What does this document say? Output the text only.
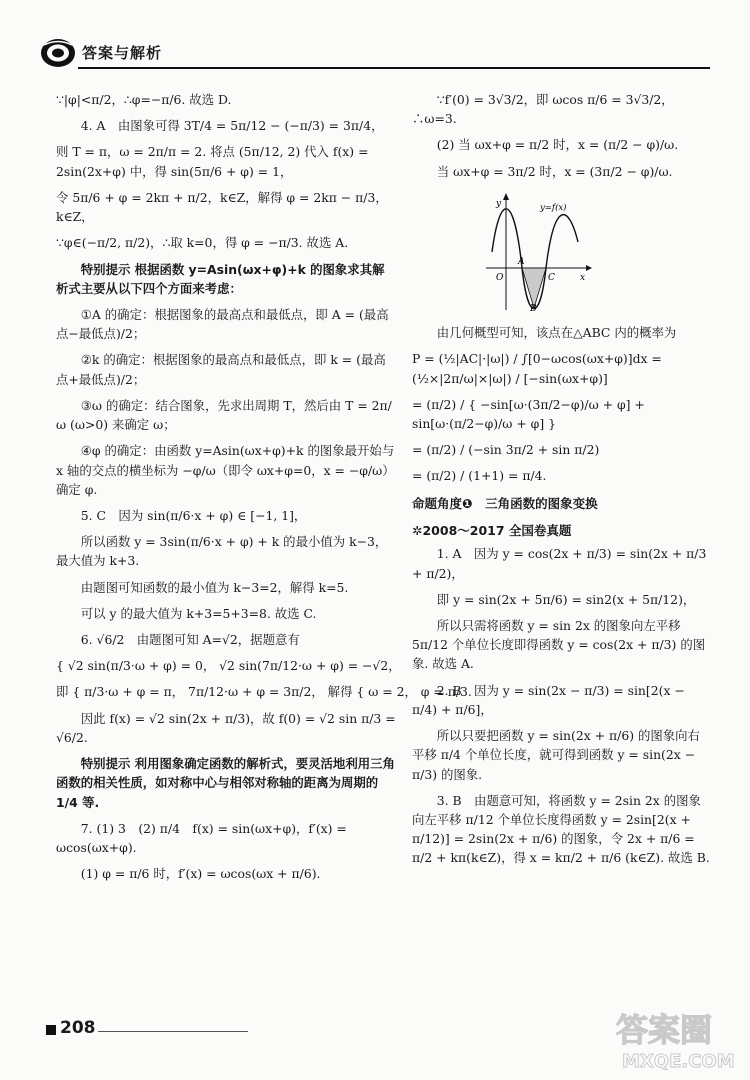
答案与解析

∵|φ|<π/2，∴φ=−π/6. 故选 D.

4. A　由图象可得 3T/4 = 5π/12 − (−π/3) = 3π/4，

则 T = π，ω = 2π/π = 2. 将点 (5π/12, 2) 代入 f(x) = 2sin(2x+φ) 中，得 sin(5π/6 + φ) = 1，

令 5π/6 + φ = 2kπ + π/2，k∈Z，解得 φ = 2kπ − π/3，k∈Z，

∵φ∈(−π/2, π/2)，∴取 k=0，得 φ = −π/3. 故选 A.

特别提示 根据函数 y=Asin(ωx+φ)+k 的图象求其解析式主要从以下四个方面来考虑：

①A 的确定：根据图象的最高点和最低点，即 A = (最高点−最低点)/2；

②k 的确定：根据图象的最高点和最低点，即 k = (最高点+最低点)/2；

③ω 的确定：结合图象，先求出周期 T，然后由 T = 2π/ω (ω>0) 来确定 ω；

④φ 的确定：由函数 y=Asin(ωx+φ)+k 的图象最开始与 x 轴的交点的横坐标为 −φ/ω（即令 ωx+φ=0，x = −φ/ω）确定 φ.

5. C　因为 sin(π/6·x + φ) ∈ [−1, 1]，

所以函数 y = 3sin(π/6·x + φ) + k 的最小值为 k−3，最大值为 k+3.

由题图可知函数的最小值为 k−3=2，解得 k=5.

可以 y 的最大值为 k+3=5+3=8. 故选 C.

6. √6/2　由题图可知 A=√2，据题意有

{ √2 sin(π/3·ω + φ) = 0， √2 sin(7π/12·ω + φ) = −√2，

即 { π/3·ω + φ = π， 7π/12·ω + φ = 3π/2， 解得 { ω = 2， φ = π/3.

因此 f(x) = √2 sin(2x + π/3)，故 f(0) = √2 sin π/3 = √6/2.

特别提示 利用图象确定函数的解析式，要灵活地利用三角函数的相关性质，如对称中心与相邻对称轴的距离为周期的 1/4 等.

7. (1) 3　(2) π/4　f(x) = sin(ωx+φ)，f′(x) = ωcos(ωx+φ).

(1) φ = π/6 时，f′(x) = ωcos(ωx + π/6).

∵f′(0) = 3√3/2，即 ωcos π/6 = 3√3/2，∴ω=3.

(2) 当 ωx+φ = π/2 时，x = (π/2 − φ)/ω.

当 ωx+φ = 3π/2 时，x = (3π/2 − φ)/ω.

y	y=f(x)
O
A
C
B
x

由几何概型可知，该点在△ABC 内的概率为

P = (½|AC|·|ω|) / ∫[0−ωcos(ωx+φ)]dx = (½×|2π/ω|×|ω|) / [−sin(ωx+φ)]

= (π/2) / { −sin[ω·(3π/2−φ)/ω + φ] + sin[ω·(π/2−φ)/ω + φ] }

= (π/2) / (−sin 3π/2 + sin π/2)

= (π/2) / (1+1) = π/4.

命题角度❶　三角函数的图象变换
✲2008～2017 全国卷真题

1. A　因为 y = cos(2x + π/3) = sin(2x + π/3 + π/2)，

即 y = sin(2x + 5π/6) = sin2(x + 5π/12)，

所以只需将函数 y = sin 2x 的图象向左平移 5π/12 个单位长度即得函数 y = cos(2x + π/3) 的图象. 故选 A.

2. B　因为 y = sin(2x − π/3) = sin[2(x − π/4) + π/6]，

所以只要把函数 y = sin(2x + π/6) 的图象向右平移 π/4 个单位长度，就可得到函数 y = sin(2x − π/3) 的图象.

3. B　由题意可知，将函数 y = 2sin 2x 的图象向左平移 π/12 个单位长度得函数 y = 2sin[2(x + π/12)] = 2sin(2x + π/6) 的图象，令 2x + π/6 = π/2 + kπ(k∈Z)，得 x = kπ/2 + π/6 (k∈Z). 故选 B.

208	答案圈
MXQE.COM
